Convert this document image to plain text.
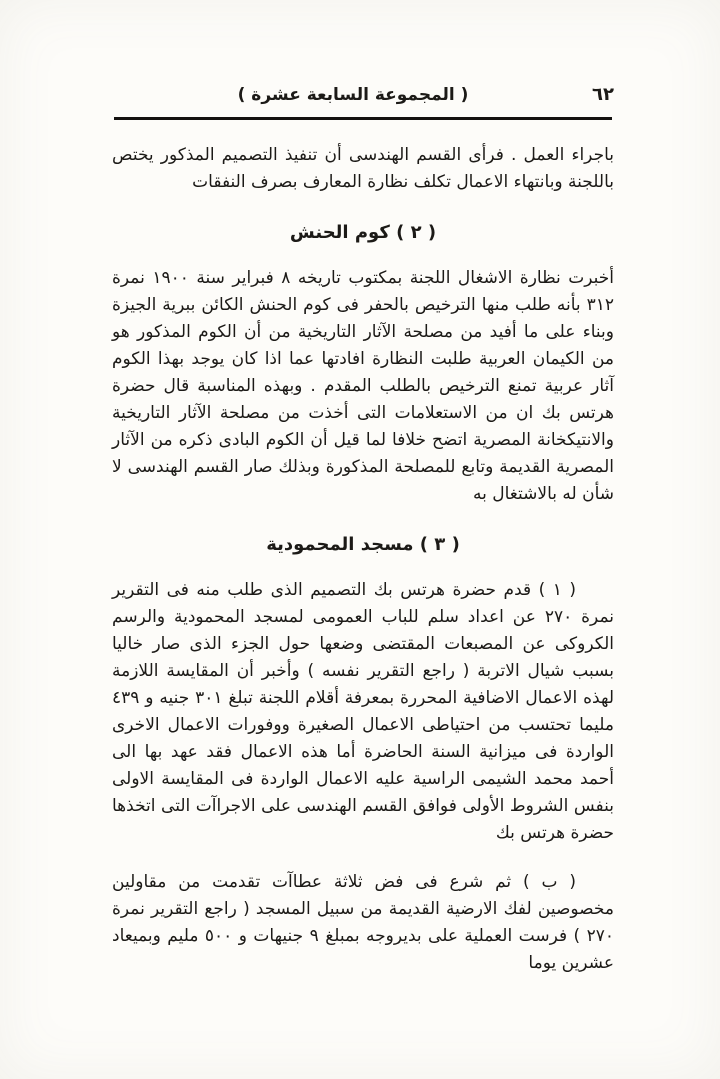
٦٢
( المجموعة السابعة عشرة )

باجراء العمل . فرأى القسم الهندسى أن تنفيذ التصميم المذكور يختص باللجنة وبانتهاء الاعمال تكلف نظارة المعارف بصرف النفقات

( ٢ ) كوم الحنش

أخبرت نظارة الاشغال اللجنة بمكتوب تاريخه ٨ فبراير سنة ١٩٠٠ نمرة ٣١٢ بأنه طلب منها الترخيص بالحفر فى كوم الحنش الكائن ببرية الجيزة وبناء على ما أفيد من مصلحة الآثار التاريخية من أن الكوم المذكور هو من الكيمان العربية طلبت النظارة افادتها عما اذا كان يوجد بهذا الكوم آثار عربية تمنع الترخيص بالطلب المقدم . وبهذه المناسبة قال حضرة هرتس بك ان من الاستعلامات التى أخذت من مصلحة الآثار التاريخية والانتيكخانة المصرية اتضح خلافا لما قيل أن الكوم البادى ذكره من الآثار المصرية القديمة وتابع للمصلحة المذكورة وبذلك صار القسم الهندسى لا شأن له بالاشتغال به

( ٣ ) مسجد المحمودية

( ١ ) قدم حضرة هرتس بك التصميم الذى طلب منه فى التقرير نمرة ٢٧٠ عن اعداد سلم للباب العمومى لمسجد المحمودية والرسم الكروكى عن المصبعات المقتضى وضعها حول الجزء الذى صار خاليا بسبب شيال الاتربة ( راجع التقرير نفسه ) وأخبر أن المقايسة اللازمة لهذه الاعمال الاضافية المحررة بمعرفة أقلام اللجنة تبلغ ٣٠١ جنيه و ٤٣٩ مليما تحتسب من احتياطى الاعمال الصغيرة ووفورات الاعمال الاخرى الواردة فى ميزانية السنة الحاضرة أما هذه الاعمال فقد عهد بها الى أحمد محمد الشيمى الراسية عليه الاعمال الواردة فى المقايسة الاولى بنفس الشروط الأولى فوافق القسم الهندسى على الاجراآت التى اتخذها حضرة هرتس بك

( ب ) ثم شرع فى فض ثلاثة عطاآت تقدمت من مقاولين مخصوصين لفك الارضية القديمة من سبيل المسجد ( راجع التقرير نمرة ٢٧٠ ) فرست العملية على بديروجه بمبلغ ٩ جنيهات و ٥٠٠ مليم وبميعاد عشرين يوما
